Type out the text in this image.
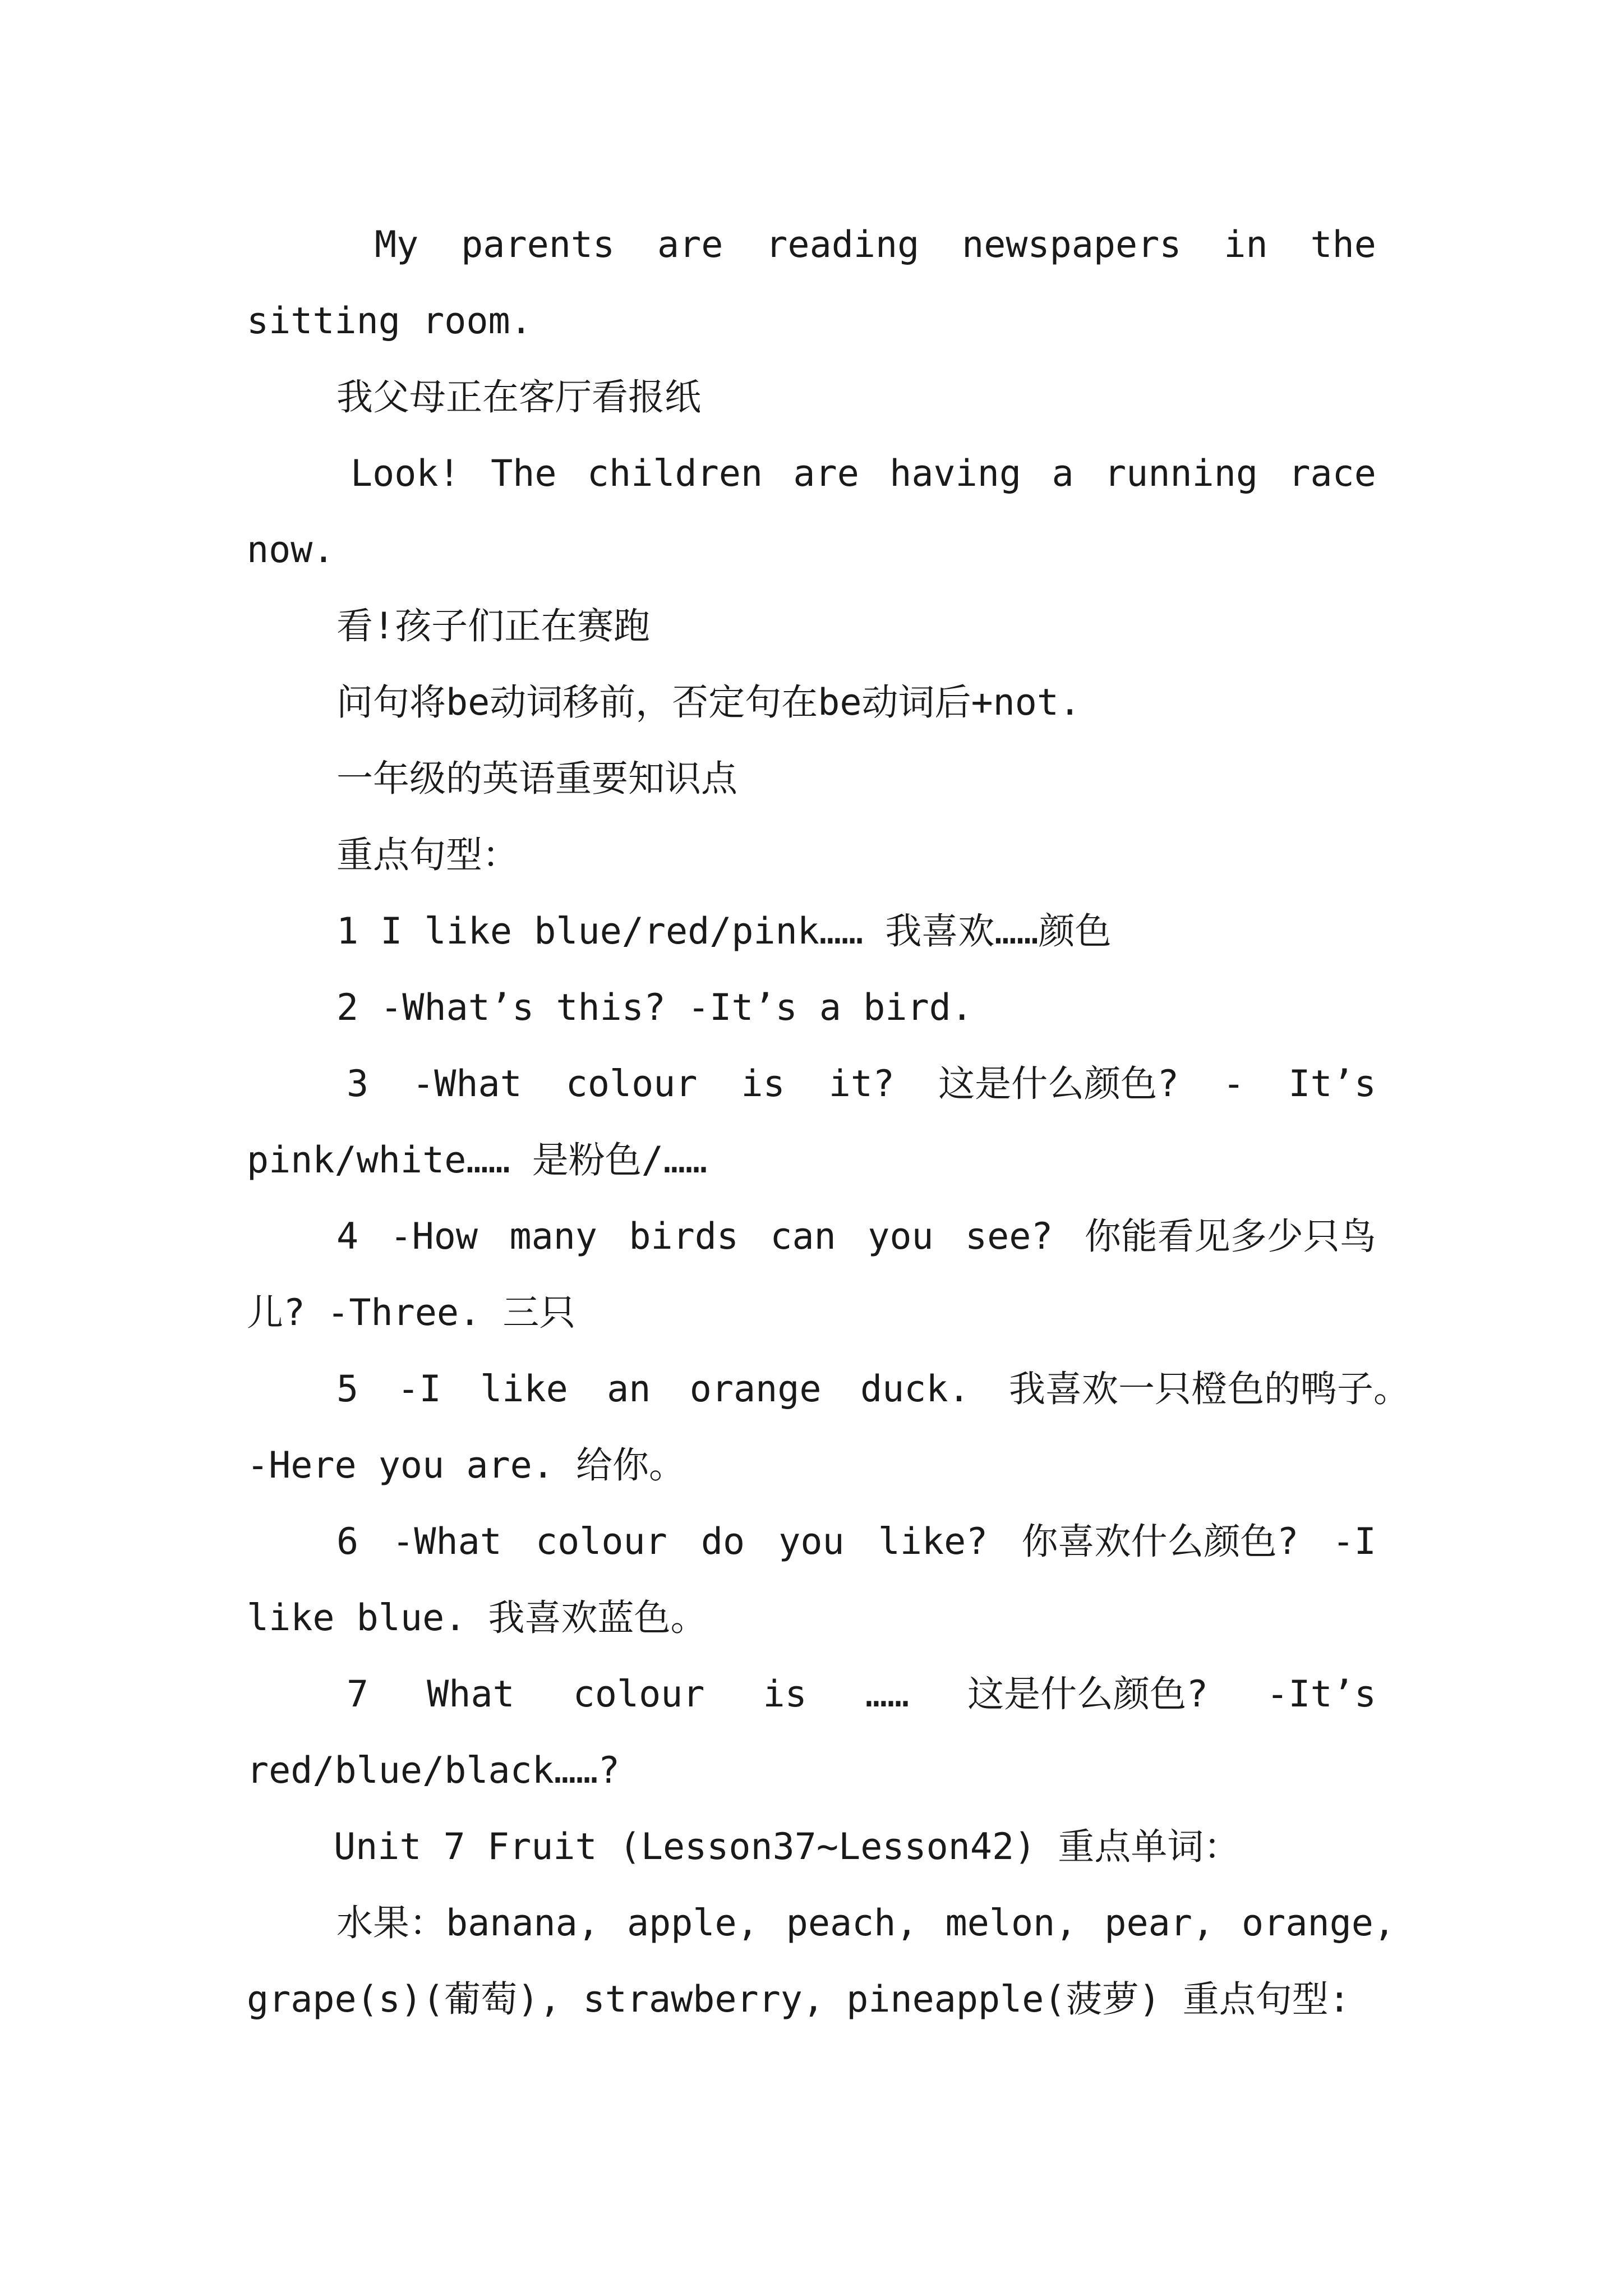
My parents are reading newspapers in the
sitting room.
我父母正在客厅看报纸
Look! The children are having a running race
now.
看!孩子们正在赛跑
问句将be动词移前，否定句在be动词后+not.
一年级的英语重要知识点
重点句型：
1 I like blue/red/pink…… 我喜欢……颜色
2 -What’s this? -It’s a bird.
3 -What colour is it? 这是什么颜色? - It’s
pink/white…… 是粉色/……
4 -How many birds can you see? 你能看见多少只鸟
儿? -Three. 三只
5 -I like an orange duck. 我喜欢一只橙色的鸭子。
-Here you are. 给你。
6 -What colour do you like? 你喜欢什么颜色? -I
like blue. 我喜欢蓝色。
7 What colour is …… 这是什么颜色? -It’s
red/blue/black……?
Unit 7 Fruit (Lesson37~Lesson42) 重点单词：
水果：banana, apple, peach, melon, pear, orange,
grape(s)(葡萄), strawberry, pineapple(菠萝) 重点句型:
